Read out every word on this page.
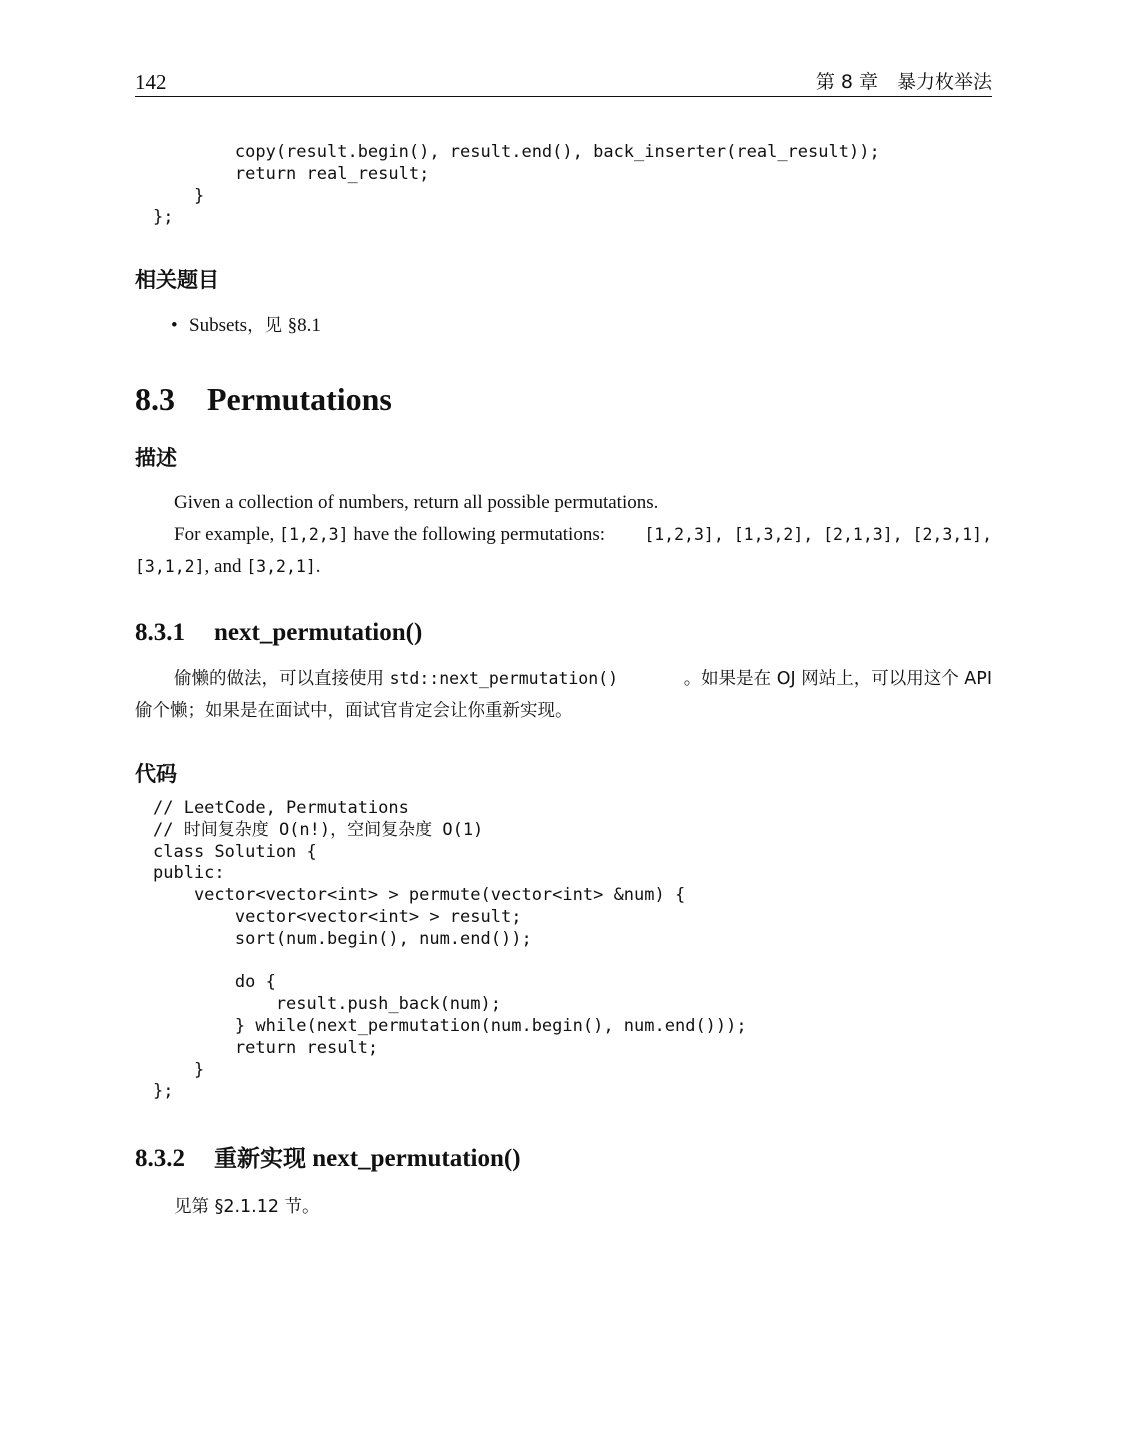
142	第 8 章　暴力枚举法
copy(result.begin(), result.end(), back_inserter(real_result));
return real_result;
}
};
相关题目
• Subsets，见 §8.1
8.3 Permutations
描述
Given a collection of numbers, return all possible permutations.
For example, [1,2,3] have the following permutations: [1,2,3], [1,3,2], [2,1,3], [2,3,1],
[3,1,2], and [3,2,1].
8.3.1 next_permutation()
偷懒的做法，可以直接使用 std::next_permutation()	。如果是在 OJ 网站上，可以用这个 API
偷个懒；如果是在面试中，面试官肯定会让你重新实现。
代码
// LeetCode, Permutations
// 时间复杂度 O(n!)，空间复杂度 O(1)
class Solution {
public:
vector<vector<int> > permute(vector<int> &num) {
vector<vector<int> > result;
sort(num.begin(), num.end());

do {
result.push_back(num);
} while(next_permutation(num.begin(), num.end()));
return result;
}
};
8.3.2 重新实现 next_permutation()
见第 §2.1.12 节。
